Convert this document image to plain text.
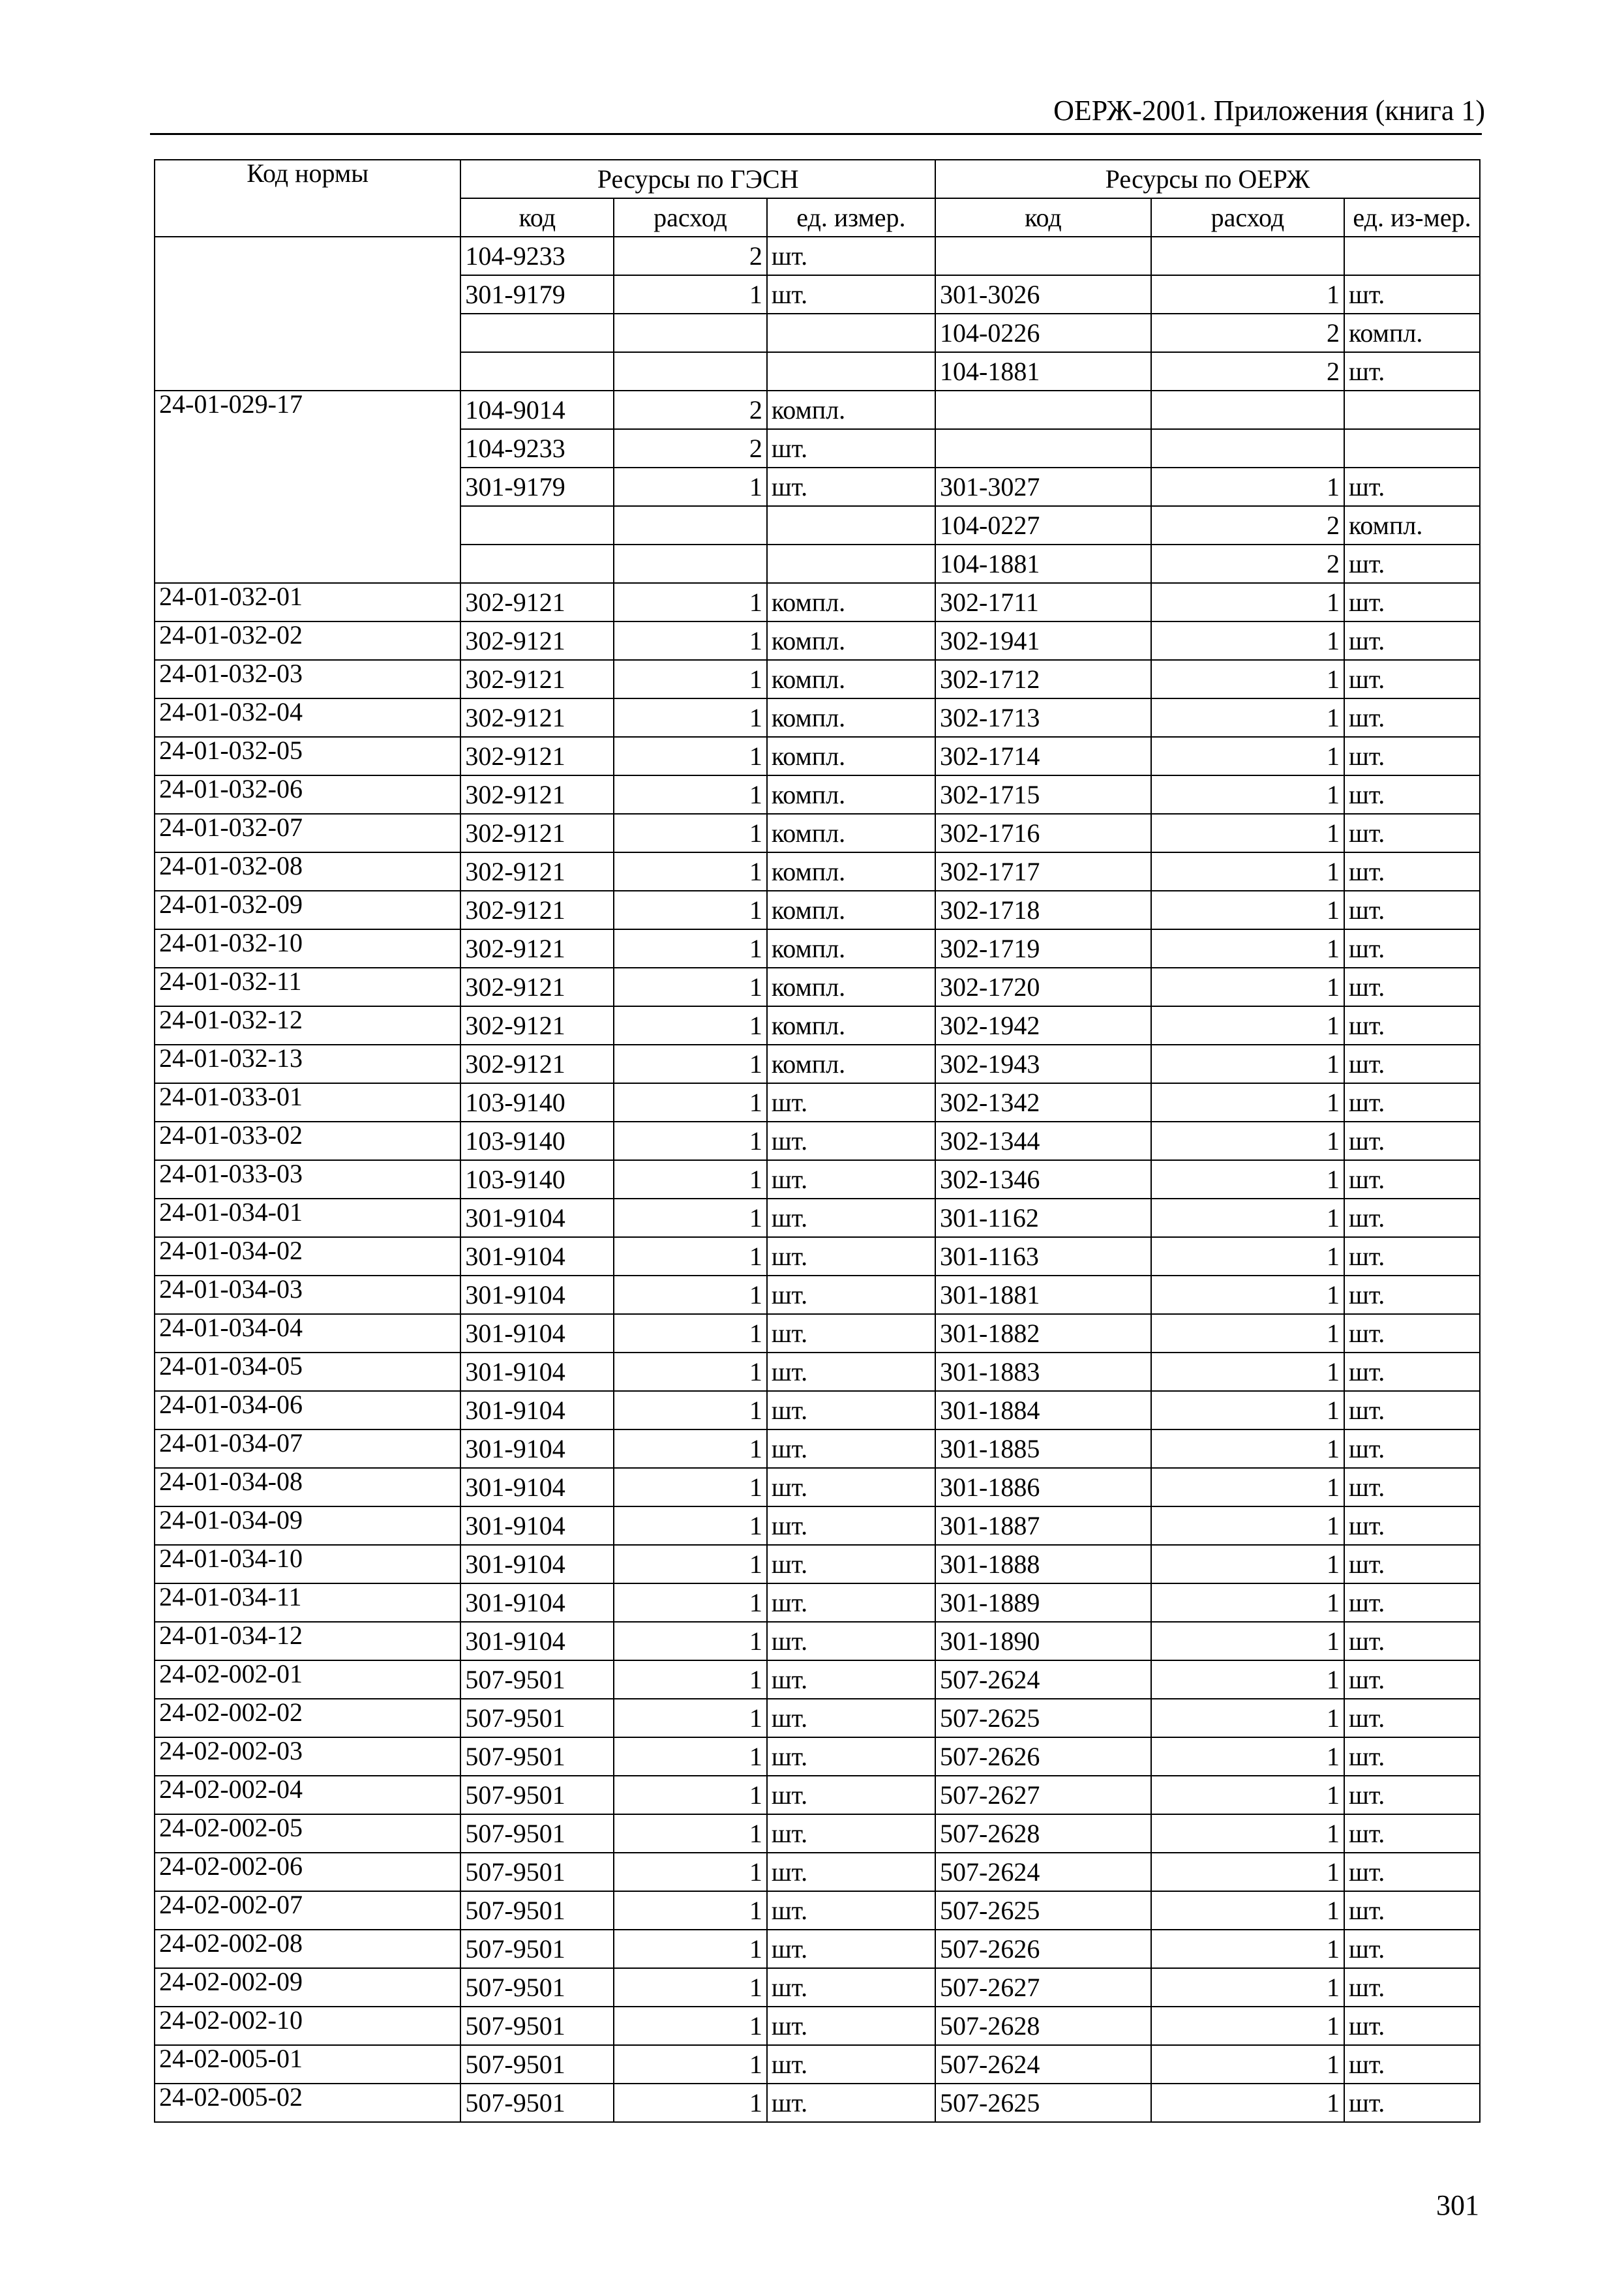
ОЕРЖ-2001. Приложения (книга 1)
Код нормы	Ресурсы по ГЭСН			Ресурсы по ОЕРЖ		
	код	расход	ед. измер.	код	расход	ед. из-мер.
	104-9233	2	шт.			
	301-9179	1	шт.	301-3026	1	шт.
				104-0226	2	компл.
				104-1881	2	шт.
24-01-029-17	104-9014	2	компл.			
	104-9233	2	шт.			
	301-9179	1	шт.	301-3027	1	шт.
				104-0227	2	компл.
				104-1881	2	шт.
24-01-032-01	302-9121	1	компл.	302-1711	1	шт.
24-01-032-02	302-9121	1	компл.	302-1941	1	шт.
24-01-032-03	302-9121	1	компл.	302-1712	1	шт.
24-01-032-04	302-9121	1	компл.	302-1713	1	шт.
24-01-032-05	302-9121	1	компл.	302-1714	1	шт.
24-01-032-06	302-9121	1	компл.	302-1715	1	шт.
24-01-032-07	302-9121	1	компл.	302-1716	1	шт.
24-01-032-08	302-9121	1	компл.	302-1717	1	шт.
24-01-032-09	302-9121	1	компл.	302-1718	1	шт.
24-01-032-10	302-9121	1	компл.	302-1719	1	шт.
24-01-032-11	302-9121	1	компл.	302-1720	1	шт.
24-01-032-12	302-9121	1	компл.	302-1942	1	шт.
24-01-032-13	302-9121	1	компл.	302-1943	1	шт.
24-01-033-01	103-9140	1	шт.	302-1342	1	шт.
24-01-033-02	103-9140	1	шт.	302-1344	1	шт.
24-01-033-03	103-9140	1	шт.	302-1346	1	шт.
24-01-034-01	301-9104	1	шт.	301-1162	1	шт.
24-01-034-02	301-9104	1	шт.	301-1163	1	шт.
24-01-034-03	301-9104	1	шт.	301-1881	1	шт.
24-01-034-04	301-9104	1	шт.	301-1882	1	шт.
24-01-034-05	301-9104	1	шт.	301-1883	1	шт.
24-01-034-06	301-9104	1	шт.	301-1884	1	шт.
24-01-034-07	301-9104	1	шт.	301-1885	1	шт.
24-01-034-08	301-9104	1	шт.	301-1886	1	шт.
24-01-034-09	301-9104	1	шт.	301-1887	1	шт.
24-01-034-10	301-9104	1	шт.	301-1888	1	шт.
24-01-034-11	301-9104	1	шт.	301-1889	1	шт.
24-01-034-12	301-9104	1	шт.	301-1890	1	шт.
24-02-002-01	507-9501	1	шт.	507-2624	1	шт.
24-02-002-02	507-9501	1	шт.	507-2625	1	шт.
24-02-002-03	507-9501	1	шт.	507-2626	1	шт.
24-02-002-04	507-9501	1	шт.	507-2627	1	шт.
24-02-002-05	507-9501	1	шт.	507-2628	1	шт.
24-02-002-06	507-9501	1	шт.	507-2624	1	шт.
24-02-002-07	507-9501	1	шт.	507-2625	1	шт.
24-02-002-08	507-9501	1	шт.	507-2626	1	шт.
24-02-002-09	507-9501	1	шт.	507-2627	1	шт.
24-02-002-10	507-9501	1	шт.	507-2628	1	шт.
24-02-005-01	507-9501	1	шт.	507-2624	1	шт.
24-02-005-02	507-9501	1	шт.	507-2625	1	шт.
301
